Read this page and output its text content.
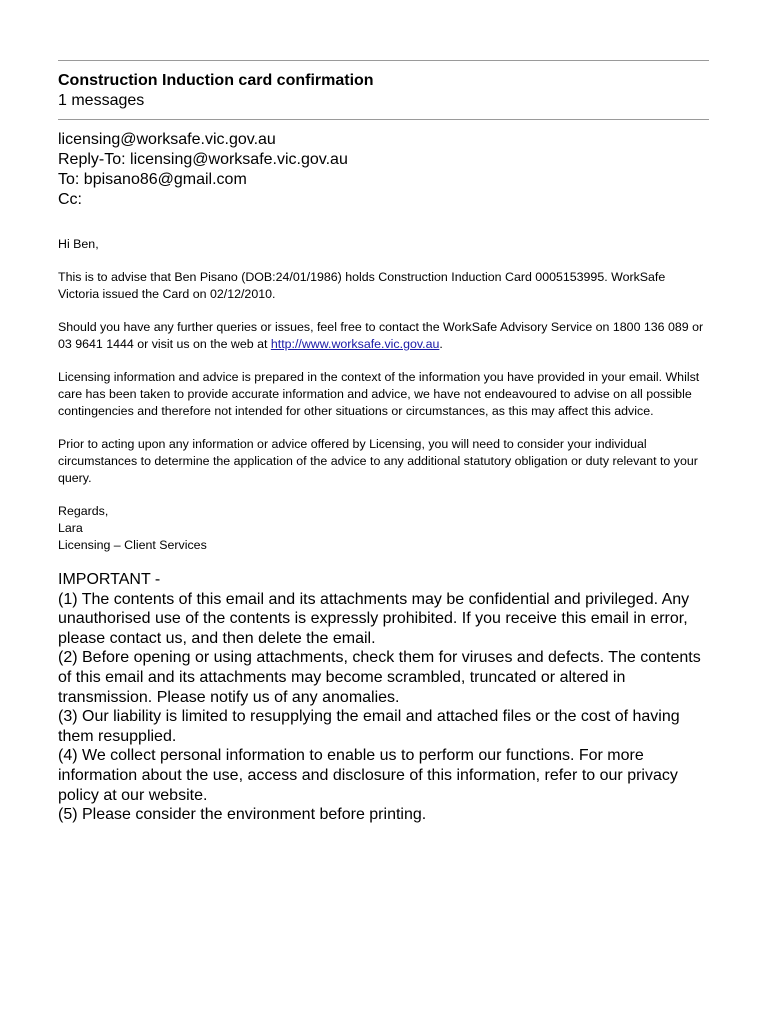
Construction Induction card confirmation
1 messages
licensing@worksafe.vic.gov.au
Reply-To: licensing@worksafe.vic.gov.au
To: bpisano86@gmail.com
Cc:

Hi Ben,

This is to advise that Ben Pisano (DOB:24/01/1986) holds Construction Induction Card 0005153995. WorkSafe Victoria issued the Card on 02/12/2010.

Should you have any further queries or issues, feel free to contact the WorkSafe Advisory Service on 1800 136 089 or 03 9641 1444 or visit us on the web at http://www.worksafe.vic.gov.au.

Licensing information and advice is prepared in the context of the information you have provided in your email. Whilst care has been taken to provide accurate information and advice, we have not endeavoured to advise on all possible contingencies and therefore not intended for other situations or circumstances, as this may affect this advice.

Prior to acting upon any information or advice offered by Licensing, you will need to consider your individual circumstances to determine the application of the advice to any additional statutory obligation or duty relevant to your query.

Regards,
Lara
Licensing – Client Services
IMPORTANT -
(1) The contents of this email and its attachments may be confidential and privileged. Any unauthorised use of the contents is expressly prohibited. If you receive this email in error, please contact us, and then delete the email.
(2) Before opening or using attachments, check them for viruses and defects. The contents of this email and its attachments may become scrambled, truncated or altered in transmission. Please notify us of any anomalies.
(3) Our liability is limited to resupplying the email and attached files or the cost of having them resupplied.
(4) We collect personal information to enable us to perform our functions. For more information about the use, access and disclosure of this information, refer to our privacy policy at our website.
(5) Please consider the environment before printing.
